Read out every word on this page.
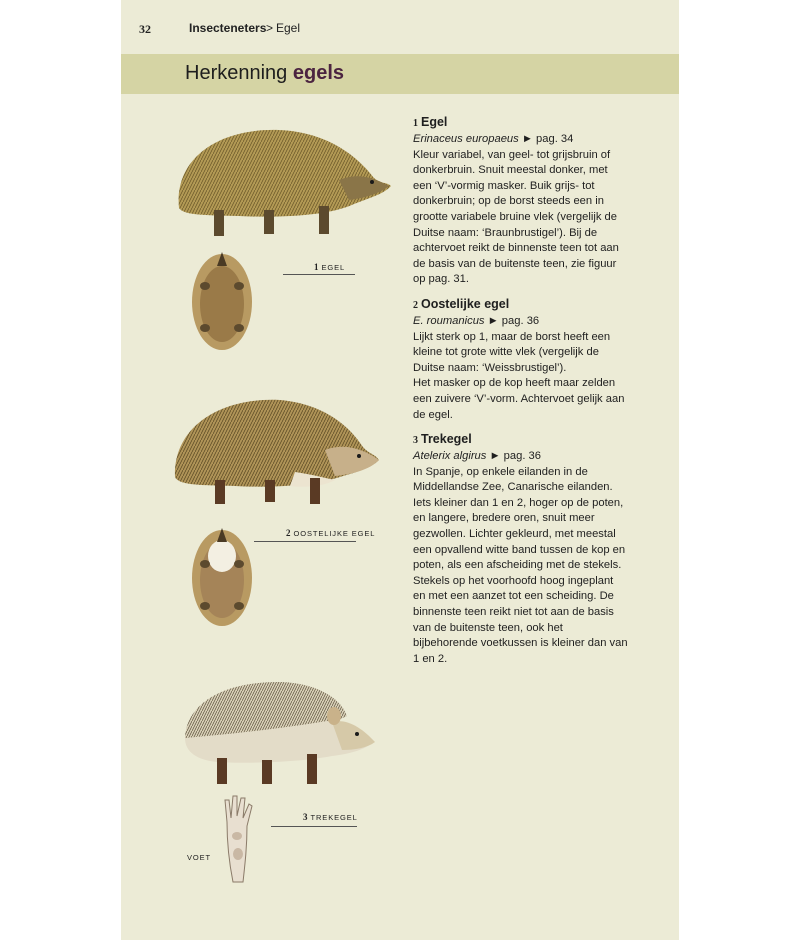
32	Insecteneters > Egel
Herkenning egels
1 EGEL
2 OOSTELIJKE EGEL
3 TREKEGEL
VOET
1 Egel
Erinaceus europaeus ► pag. 34
Kleur variabel, van geel- tot grijsbruin of donkerbruin. Snuit meestal donker, met een ‘V’-vormig masker. Buik grijs- tot donkerbruin; op de borst steeds een in grootte variabele bruine vlek (vergelijk de Duitse naam: ‘Braunbrustigel’). Bij de achtervoet reikt de binnenste teen tot aan de basis van de buitenste teen, zie figuur op pag. 31.
2 Oostelijke egel
E. roumanicus ► pag. 36
Lijkt sterk op 1, maar de borst heeft een kleine tot grote witte vlek (vergelijk de Duitse naam: ‘Weissbrustigel’).
Het masker op de kop heeft maar zelden een zuivere ‘V’-vorm. Achtervoet gelijk aan de egel.
3 Trekegel
Atelerix algirus ► pag. 36
In Spanje, op enkele eilanden in de Middellandse Zee, Canarische eilanden. Iets kleiner dan 1 en 2, hoger op de poten, en langere, bredere oren, snuit meer gezwollen. Lichter gekleurd, met meestal een opvallend witte band tussen de kop en poten, als een afscheiding met de stekels. Stekels op het voorhoofd hoog ingeplant en met een aanzet tot een scheiding. De binnenste teen reikt niet tot aan de basis van de buitenste teen, ook het bijbehorende voetkussen is kleiner dan van 1 en 2.
